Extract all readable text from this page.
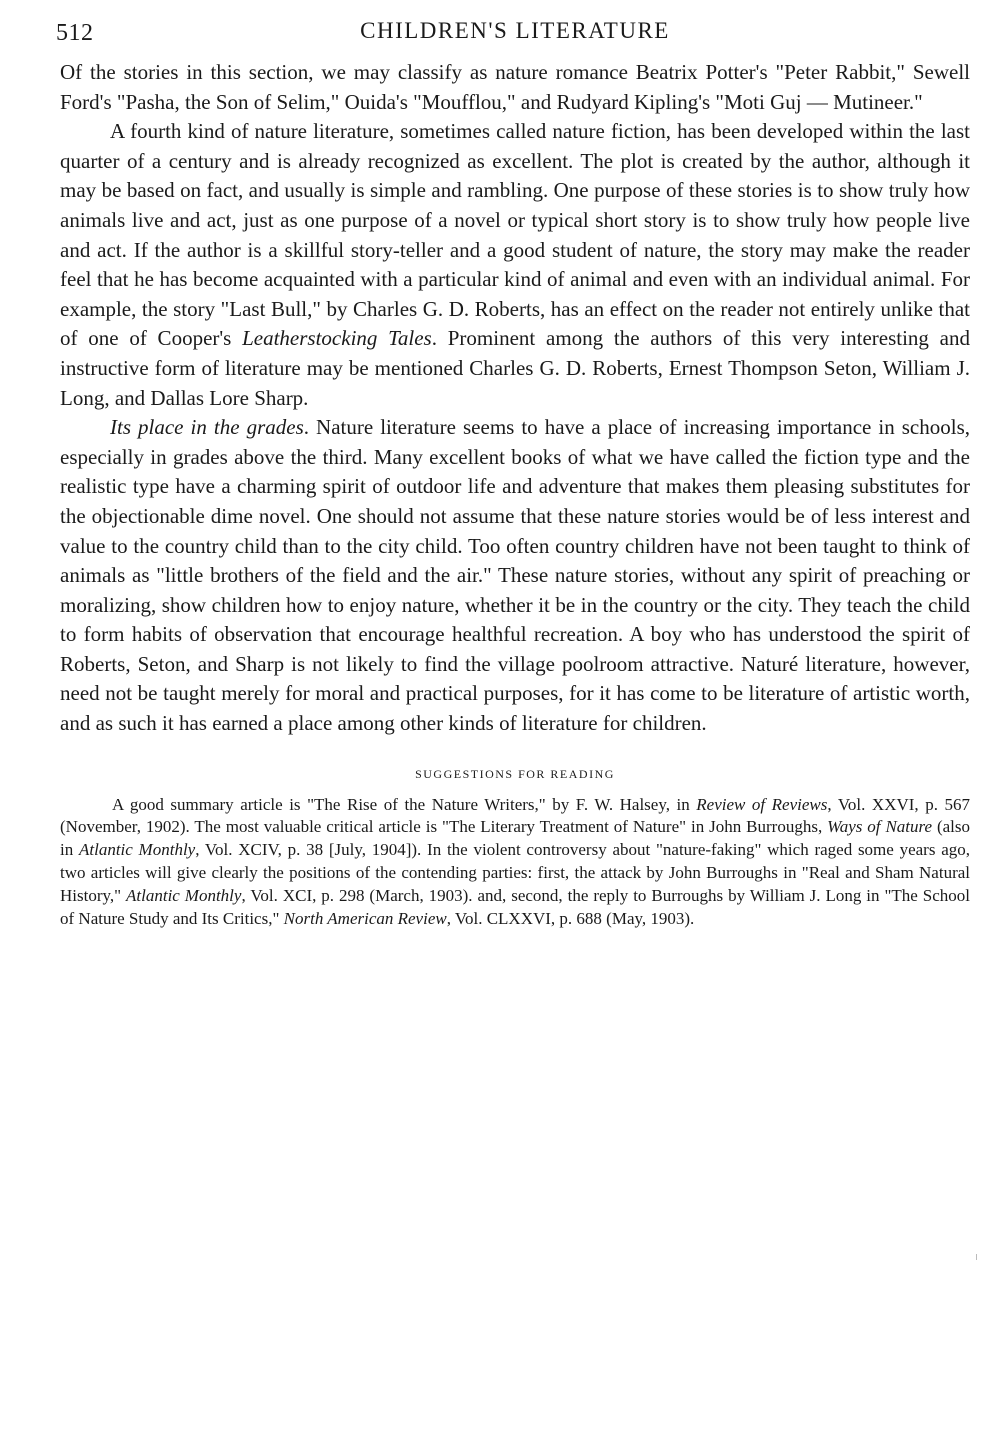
512	CHILDREN'S LITERATURE

Of the stories in this section, we may classify as nature romance Beatrix Potter's "Peter Rabbit," Sewell Ford's "Pasha, the Son of Selim," Ouida's "Moufflou," and Rudyard Kipling's "Moti Guj — Mutineer."

A fourth kind of nature literature, sometimes called nature fiction, has been developed within the last quarter of a century and is already recognized as excellent. The plot is created by the author, although it may be based on fact, and usually is simple and rambling. One purpose of these stories is to show truly how animals live and act, just as one purpose of a novel or typical short story is to show truly how people live and act. If the author is a skillful story-teller and a good student of nature, the story may make the reader feel that he has become acquainted with a particular kind of animal and even with an individual animal. For example, the story "Last Bull," by Charles G. D. Roberts, has an effect on the reader not entirely unlike that of one of Cooper's Leatherstocking Tales. Prominent among the authors of this very interesting and instructive form of literature may be mentioned Charles G. D. Roberts, Ernest Thompson Seton, William J. Long, and Dallas Lore Sharp.

Its place in the grades. Nature literature seems to have a place of increasing importance in schools, especially in grades above the third. Many excellent books of what we have called the fiction type and the realistic type have a charming spirit of outdoor life and adventure that makes them pleasing substitutes for the objectionable dime novel. One should not assume that these nature stories would be of less interest and value to the country child than to the city child. Too often country children have not been taught to think of animals as "little brothers of the field and the air." These nature stories, without any spirit of preaching or moralizing, show children how to enjoy nature, whether it be in the country or the city. They teach the child to form habits of observation that encourage healthful recreation. A boy who has understood the spirit of Roberts, Seton, and Sharp is not likely to find the village poolroom attractive. Naturé literature, however, need not be taught merely for moral and practical purposes, for it has come to be literature of artistic worth, and as such it has earned a place among other kinds of literature for children.

SUGGESTIONS FOR READING

A good summary article is "The Rise of the Nature Writers," by F. W. Halsey, in Review of Reviews, Vol. XXVI, p. 567 (November, 1902). The most valuable critical article is "The Literary Treatment of Nature" in John Burroughs, Ways of Nature (also in Atlantic Monthly, Vol. XCIV, p. 38 [July, 1904]). In the violent controversy about "nature-faking" which raged some years ago, two articles will give clearly the positions of the contending parties: first, the attack by John Burroughs in "Real and Sham Natural History," Atlantic Monthly, Vol. XCI, p. 298 (March, 1903). and, second, the reply to Burroughs by William J. Long in "The School of Nature Study and Its Critics," North American Review, Vol. CLXXVI, p. 688 (May, 1903).
